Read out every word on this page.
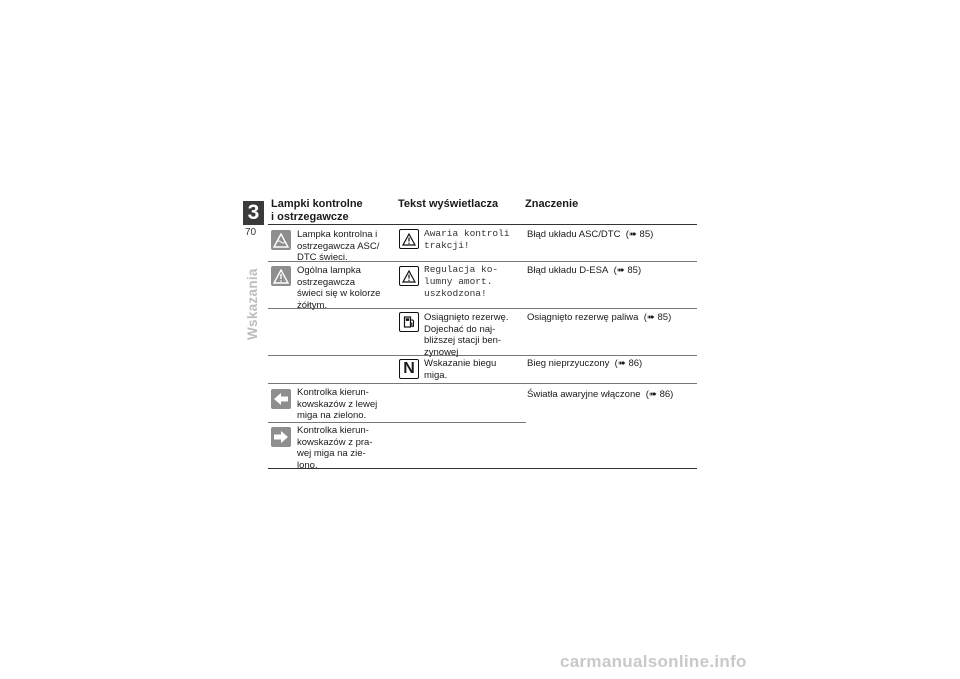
3
70
Wskazania
Lampki kontrolne
i ostrzegawcze
Tekst wyświetlacza Znaczenie
Lampka kontrolna i
ostrzegawcza ASC/
DTC świeci.
Awaria kontroli
trakcji!
Błąd układu ASC/DTC  (➠ 85)
Ogólna lampka
ostrzegawcza
świeci się w kolorze
żółtym.
Regulacja ko-
lumny amort.
uszkodzona!
Błąd układu D-ESA  (➠ 85)
Osiągnięto rezerwę.
Dojechać do naj-
bliższej stacji ben-
zynowej
Osiągnięto rezerwę paliwa  (➠ 85)
N Wskazanie biegu
miga.
Bieg nieprzyuczony  (➠ 86)
Kontrolka kierun-
kowskazów z lewej
miga na zielono.
Światła awaryjne włączone  (➠ 86)
Kontrolka kierun-
kowskazów z pra-
wej miga na zie-
lono.
carmanualsonline.info
